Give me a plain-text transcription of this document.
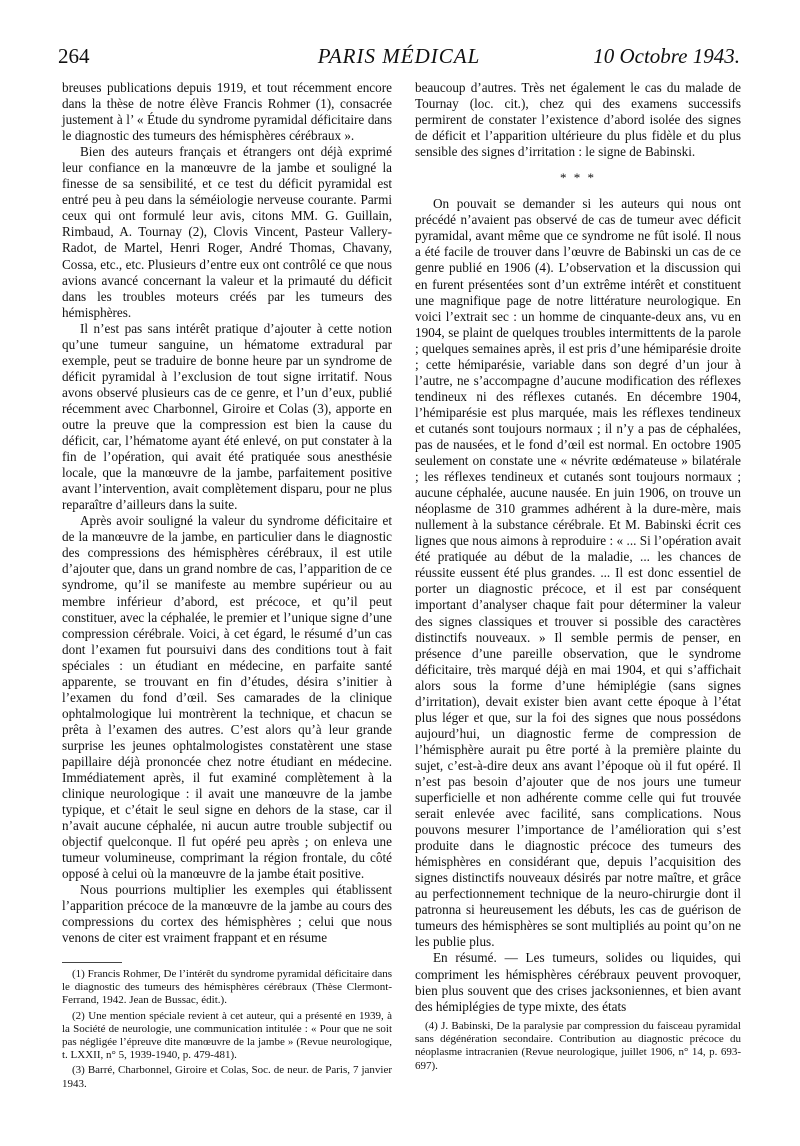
264	PARIS MÉDICAL	10 Octobre 1943.

breuses publications depuis 1919, et tout récemment encore dans la thèse de notre élève Francis Rohmer (1), consacrée justement à l’ « Étude du syndrome pyramidal déficitaire dans le diagnostic des tumeurs des hémisphères cérébraux ».

Bien des auteurs français et étrangers ont déjà exprimé leur confiance en la manœuvre de la jambe et souligné la finesse de sa sensibilité, et ce test du déficit pyramidal est entré peu à peu dans la séméiologie nerveuse courante. Parmi ceux qui ont formulé leur avis, citons MM. G. Guillain, Rimbaud, A. Tournay (2), Clovis Vincent, Pasteur Vallery-Radot, de Martel, Henri Roger, André Thomas, Chavany, Cossa, etc., etc. Plusieurs d’entre eux ont contrôlé ce que nous avions avancé concernant la valeur et la primauté du déficit dans les troubles moteurs créés par les tumeurs des hémisphères.

Il n’est pas sans intérêt pratique d’ajouter à cette notion qu’une tumeur sanguine, un hématome extradural par exemple, peut se traduire de bonne heure par un syndrome de déficit pyramidal à l’exclusion de tout signe irritatif. Nous avons observé plusieurs cas de ce genre, et l’un d’eux, publié récemment avec Charbonnel, Giroire et Colas (3), apporte en outre la preuve que la compression est bien la cause du déficit, car, l’hématome ayant été enlevé, on put constater à la fin de l’opération, qui avait été pratiquée sous anesthésie locale, que la manœuvre de la jambe, parfaitement positive avant l’intervention, avait complètement disparu, pour ne plus reparaître d’ailleurs dans la suite.

Après avoir souligné la valeur du syndrome déficitaire et de la manœuvre de la jambe, en particulier dans le diagnostic des compressions des hémisphères cérébraux, il est utile d’ajouter que, dans un grand nombre de cas, l’apparition de ce syndrome, qu’il se manifeste au membre supérieur ou au membre inférieur d’abord, est précoce, et qu’il peut constituer, avec la céphalée, le premier et l’unique signe d’une compression cérébrale. Voici, à cet égard, le résumé d’un cas dont l’examen fut poursuivi dans des conditions tout à fait spéciales : un étudiant en médecine, en parfaite santé apparente, se trouvant en fin d’études, désira s’initier à l’examen du fond d’œil. Ses camarades de la clinique ophtalmologique lui montrèrent la technique, et chacun se prêta à l’examen des autres. C’est alors qu’à leur grande surprise les jeunes ophtalmologistes constatèrent une stase papillaire déjà prononcée chez notre étudiant en médecine. Immédiatement après, il fut examiné complètement à la clinique neurologique : il avait une manœuvre de la jambe typique, et c’était le seul signe en dehors de la stase, car il n’avait aucune céphalée, ni aucun autre trouble subjectif ou objectif quelconque. Il fut opéré peu après ; on enleva une tumeur volumineuse, comprimant la région frontale, du côté opposé à celui où la manœuvre de la jambe était positive.

Nous pourrions multiplier les exemples qui établissent l’apparition précoce de la manœuvre de la jambe au cours des compressions du cortex des hémisphères ; celui que nous venons de citer est vraiment frappant et en résume

(1) Francis Rohmer, De l’intérêt du syndrome pyramidal déficitaire dans le diagnostic des tumeurs des hémisphères cérébraux (Thèse Clermont-Ferrand, 1942. Jean de Bussac, édit.).

(2) Une mention spéciale revient à cet auteur, qui a présenté en 1939, à la Société de neurologie, une communication intitulée : « Pour que ne soit pas négligée l’épreuve dite manœuvre de la jambe » (Revue neurologique, t. LXXII, n° 5, 1939-1940, p. 479-481).

(3) Barré, Charbonnel, Giroire et Colas, Soc. de neur. de Paris, 7 janvier 1943.

beaucoup d’autres. Très net également le cas du malade de Tournay (loc. cit.), chez qui des examens successifs permirent de constater l’existence d’abord isolée des signes de déficit et l’apparition ultérieure du plus fidèle et du plus sensible des signes d’irritation : le signe de Babinski.

* * *

On pouvait se demander si les auteurs qui nous ont précédé n’avaient pas observé de cas de tumeur avec déficit pyramidal, avant même que ce syndrome ne fût isolé. Il nous a été facile de trouver dans l’œuvre de Babinski un cas de ce genre publié en 1906 (4). L’observation et la discussion qui en furent présentées sont d’un extrême intérêt et constituent une magnifique page de notre littérature neurologique. En voici l’extrait sec : un homme de cinquante-deux ans, vu en 1904, se plaint de quelques troubles intermittents de la parole ; quelques semaines après, il est pris d’une hémiparésie droite ; cette hémiparésie, variable dans son degré d’un jour à l’autre, ne s’accompagne d’aucune modification des réflexes tendineux ni des réflexes cutanés. En décembre 1904, l’hémiparésie est plus marquée, mais les réflexes tendineux et cutanés sont toujours normaux ; il n’y a pas de céphalées, pas de nausées, et le fond d’œil est normal. En octobre 1905 seulement on constate une « névrite œdémateuse » bilatérale ; les réflexes tendineux et cutanés sont toujours normaux ; aucune céphalée, aucune nausée. En juin 1906, on trouve un néoplasme de 310 grammes adhérent à la dure-mère, mais nullement à la substance cérébrale. Et M. Babinski écrit ces lignes que nous aimons à reproduire : « ... Si l’opération avait été pratiquée au début de la maladie, ... les chances de réussite eussent été plus grandes. ... Il est donc essentiel de porter un diagnostic précoce, et il est par conséquent important d’analyser chaque fait pour déterminer la valeur des signes classiques et trouver si possible des caractères distinctifs nouveaux. » Il semble permis de penser, en présence d’une pareille observation, que le syndrome déficitaire, très marqué déjà en mai 1904, et qui s’affichait alors sous la forme d’une hémiplégie (sans signes d’irritation), devait exister bien avant cette époque à l’état plus léger et que, sur la foi des signes que nous possédons aujourd’hui, un diagnostic ferme de compression de l’hémisphère aurait pu être porté à la première plainte du sujet, c’est-à-dire deux ans avant l’époque où il fut opéré. Il n’est pas besoin d’ajouter que de nos jours une tumeur superficielle et non adhérente comme celle qui fut trouvée serait enlevée avec facilité, sans complications. Nous pouvons mesurer l’importance de l’amélioration qui s’est produite dans le diagnostic précoce des tumeurs des hémisphères en considérant que, depuis l’acquisition des signes distinctifs nouveaux désirés par notre maître, et grâce au perfectionnement technique de la neuro-chirurgie dont il patronna si heureusement les débuts, les cas de guérison de tumeurs des hémisphères se sont multipliés au point qu’on ne les publie plus.

En résumé. — Les tumeurs, solides ou liquides, qui compriment les hémisphères cérébraux peuvent provoquer, bien plus souvent que des crises jacksoniennes, et bien avant des hémiplégies de type mixte, des états

(4) J. Babinski, De la paralysie par compression du faisceau pyramidal sans dégénération secondaire. Contribution au diagnostic précoce du néoplasme intracranien (Revue neurologique, juillet 1906, n° 14, p. 693-697).
